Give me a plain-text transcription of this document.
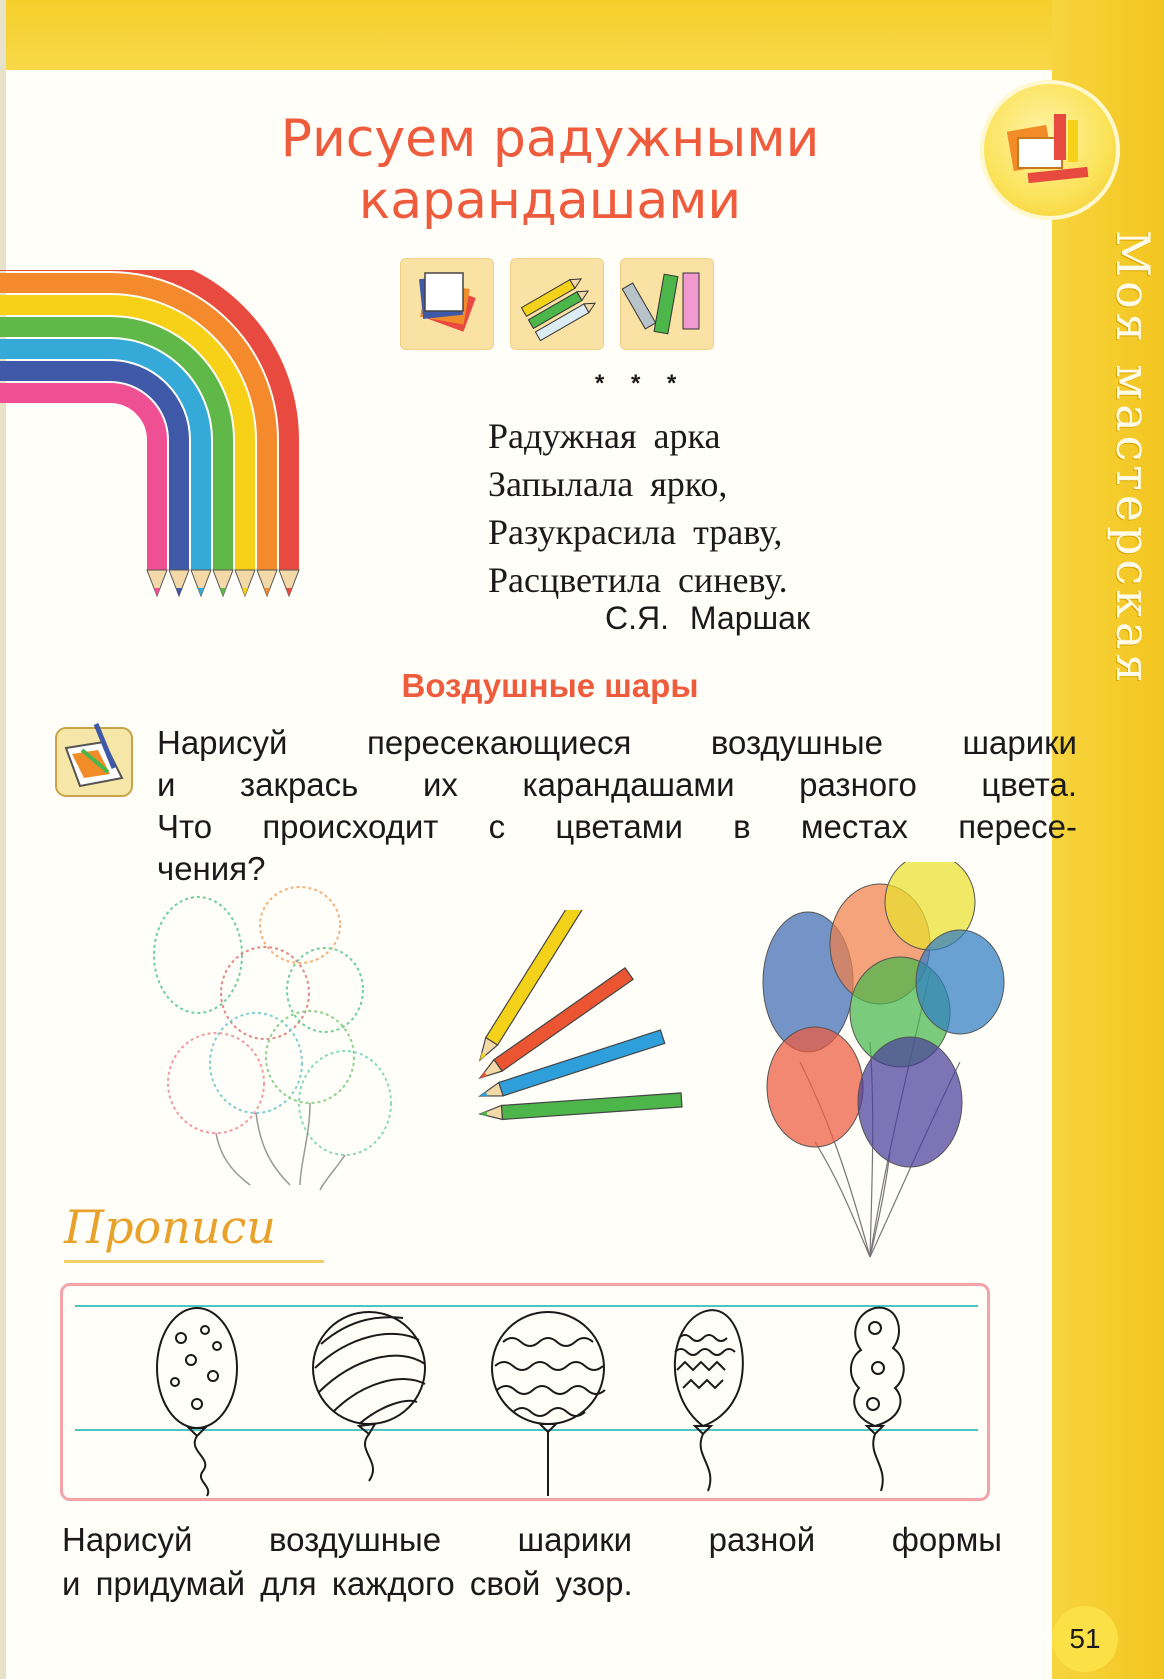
Моя мастерская
Рисуем радужными карандашами
* * *
Радужная арка
Запылала ярко,
Разукрасила траву,
Расцветила синеву.
С.Я. Маршак
Воздушные шары
Нарисуй пересекающиеся воздушные шарики
и закрась их карандашами разного цвета.
Что происходит с цветами в местах пересе-
чения?
Прописи
Нарисуй воздушные шарики разной формы
и придумай для каждого свой узор.
51
